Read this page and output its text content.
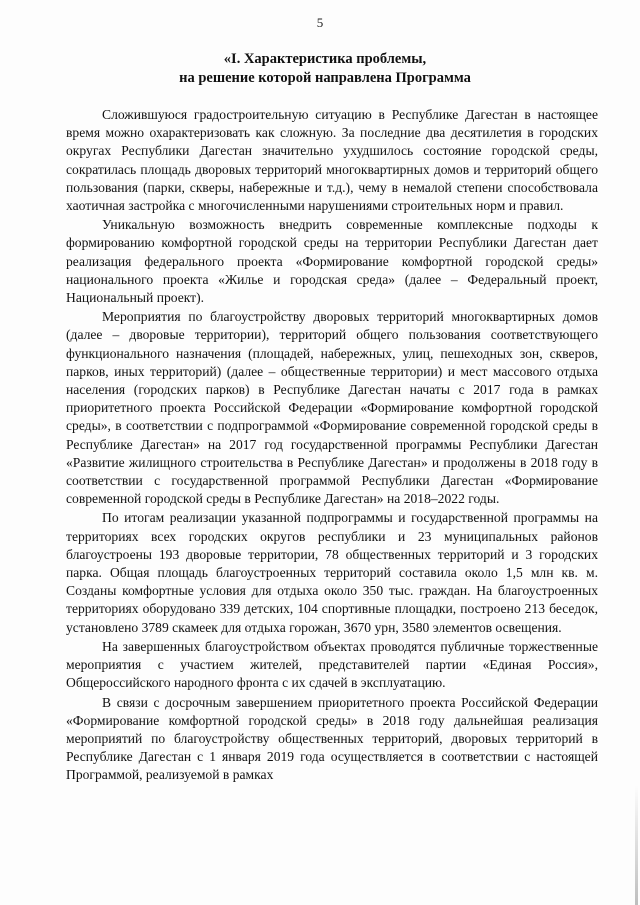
5
«I. Характеристика проблемы,
на решение которой направлена Программа

Сложившуюся градостроительную ситуацию в Республике Дагестан в настоящее время можно охарактеризовать как сложную. За последние два десятилетия в городских округах Республики Дагестан значительно ухудшилось состояние городской среды, сократилась площадь дворовых территорий многоквартирных домов и территорий общего пользования (парки, скверы, набережные и т.д.), чему в немалой степени способствовала хаотичная застройка с многочисленными нарушениями строительных норм и правил.

Уникальную возможность внедрить современные комплексные подходы к формированию комфортной городской среды на территории Республики Дагестан дает реализация федерального проекта «Формирование комфортной городской среды» национального проекта «Жилье и городская среда» (далее – Федеральный проект, Национальный проект).

Мероприятия по благоустройству дворовых территорий многоквартирных домов (далее – дворовые территории), территорий общего пользования соответствующего функционального назначения (площадей, набережных, улиц, пешеходных зон, скверов, парков, иных территорий) (далее – общественные территории) и мест массового отдыха населения (городских парков) в Республике Дагестан начаты с 2017 года в рамках приоритетного проекта Российской Федерации «Формирование комфортной городской среды», в соответствии с подпрограммой «Формирование современной городской среды в Республике Дагестан» на 2017 год государственной программы Республики Дагестан «Развитие жилищного строительства в Республике Дагестан» и продолжены в 2018 году в соответствии с государственной программой Республики Дагестан «Формирование современной городской среды в Республике Дагестан» на 2018–2022 годы.

По итогам реализации указанной подпрограммы и государственной программы на территориях всех городских округов республики и 23 муниципальных районов благоустроены 193 дворовые территории, 78 общественных территорий и 3 городских парка. Общая площадь благоустроенных территорий составила около 1,5 млн кв. м. Созданы комфортные условия для отдыха около 350 тыс. граждан. На благоустроенных территориях оборудовано 339 детских, 104 спортивные площадки, построено 213 беседок, установлено 3789 скамеек для отдыха горожан, 3670 урн, 3580 элементов освещения.

На завершенных благоустройством объектах проводятся публичные торжественные мероприятия с участием жителей, представителей партии «Единая Россия», Общероссийского народного фронта с их сдачей в эксплуатацию.

В связи с досрочным завершением приоритетного проекта Российской Федерации «Формирование комфортной городской среды» в 2018 году дальнейшая реализация мероприятий по благоустройству общественных территорий, дворовых территорий в Республике Дагестан с 1 января 2019 года осуществляется в соответствии с настоящей Программой, реализуемой в рамках
